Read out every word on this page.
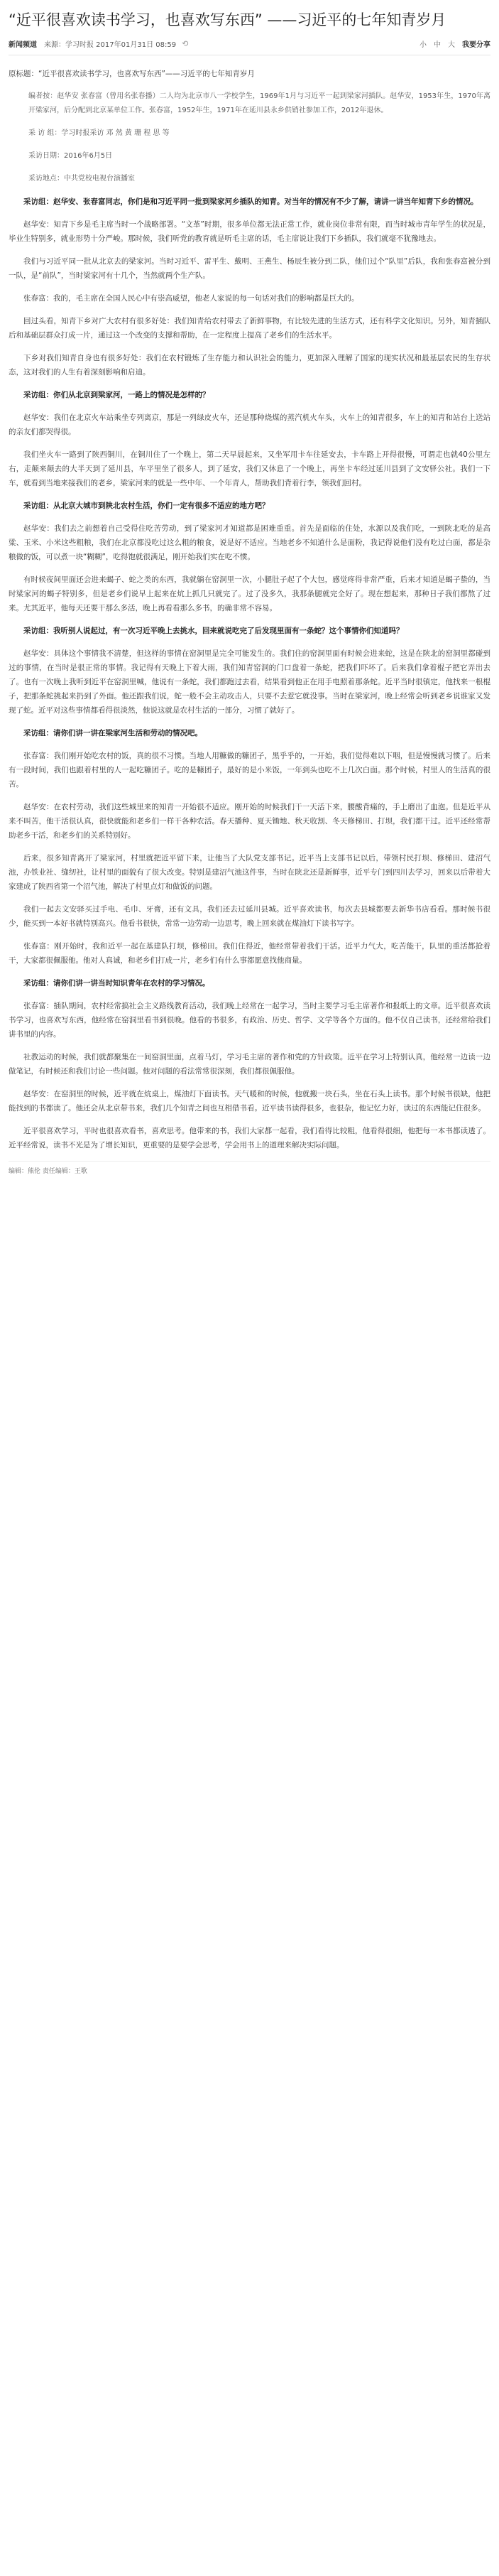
“近平很喜欢读书学习，也喜欢写东西” ——习近平的七年知青岁月
新闻频道 来源：学习时报 2017年01月31日 08:59 ⟲	小 中 大 我要分享

原标题：“近平很喜欢读书学习，也喜欢写东西”——习近平的七年知青岁月

编者按：赵华安 张春富（曾用名张春播）二人均为北京市八一学校学生，1969年1月与习近平一起到梁家河插队。赵华安，1953年生，1970年离开梁家河，后分配到北京某单位工作。张春富，1952年生，1971年在延川县永乡供销社参加工作，2012年退休。

采 访 组：学习时报采访 邓 然 黄 珊 程 思 等

采访日期：2016年6月5日

采访地点：中共党校电视台演播室

采访组：赵华安、张春富同志，你们是和习近平同一批到梁家河乡插队的知青。对当年的情况有不少了解，请讲一讲当年知青下乡的情况。

赵华安：知青下乡是毛主席当时一个战略部署。“文革”时期，很多单位都无法正常工作，就业岗位非常有限，而当时城市青年学生的状况是，毕业生特别多，就业形势十分严峻。那时候，我们听党的教育就是听毛主席的话，毛主席说让我们下乡插队，我们就毫不犹豫地去。

我们与习近平同一批从北京去的梁家河。当时习近平、雷平生、戴明、王燕生、杨辰生被分到二队，他们过个“队里”后队，我和张春富被分到一队，是“前队”，当时梁家河有十几个，当然就两个生产队。

张春富：我的，毛主席在全国人民心中有崇高威望，他老人家说的每一句话对我们的影响都是巨大的。

回过头看，知青下乡对广大农村有很多好处：我们知青给农村带去了新鲜事物，有比较先进的生活方式，还有科学文化知识。另外，知青插队后和基础层群众打成一片，通过这一个改变的支撑和帮助，在一定程度上提高了老乡们的生活水平。

下乡对我们知青自身也有很多好处：我们在农村锻炼了生存能力和认识社会的能力，更加深入理解了国家的现实状况和最基层农民的生存状态，这对我们的人生有着深刻影响和启迪。

采访组：你们从北京到梁家河，一路上的情况是怎样的？

赵华安：我们在北京火车站乘坐专列离京，那是一列绿皮火车，还是那种烧煤的蒸汽机火车头，火车上的知青很多，车上的知青和站台上送站的亲友们都哭得很。

我们坐火车一路到了陕西铜川，在铜川住了一个晚上，第二天早晨起来，又坐军用卡车往延安去，卡车路上开得很慢，可谓走也就40公里左右，走颠来颠去的大半天到了延川县，车平里坐了很多人，到了延安，我们又休息了一个晚上，再坐卡车经过延川县到了文安驿公社。我们一下车，就看到当地来接我们的老乡，梁家河来的就是一些中年、一个年青人，帮助我们背着行李，领我们回村。

采访组：从北京大城市到陕北农村生活，你们一定有很多不适应的地方吧？

赵华安：我们去之前想着自己受得住吃苦劳动，到了梁家河才知道都是困难重重。首先是面临的住处，水源以及我们吃，一到陕北吃的是高粱、玉米、小米这些粗粮，我们在北京都没吃过这么粗的粮食，说是好不适应。当地老乡不知道什么是面粉，我记得说他们没有吃过白面，都是杂粮做的饭，可以煮一块“糊糊”，吃得饱就很满足，刚开始我们实在吃不惯。

有时候夜间里面还会进来蝎子、蛇之类的东西，我就躺在窑洞里一次，小腿肚子起了个大包，感觉疼得非常严重，后来才知道是蝎子蛰的，当时梁家河的蝎子特别多，但是老乡们说早上起来在炕上抓几只就完了。过了没多久，我那条腿就完全好了。现在想起来，那种日子我们都熬了过来。尤其近平，他每天还要干那么多活，晚上再看看那么多书，的确非常不容易。

采访组：我听别人说起过，有一次习近平晚上去挑水，回来就说吃完了后发现里面有一条蛇？这个事情你们知道吗？

赵华安：具体这个事情我不清楚，但这样的事情在窑洞里是完全可能发生的。我们住的窑洞里面有时候会进来蛇，这是在陕北的窑洞里都碰到过的事情，在当时是很正常的事情。我记得有天晚上下着大雨，我们知青窑洞的门口盘着一条蛇，把我们吓坏了。后来我们拿着棍子把它弄出去了。也有一次晚上我听到近平在窑洞里喊，他说有一条蛇，我们都跑过去看，结果看到他正在用手电照着那条蛇。近平当时很镇定，他找来一根棍子，把那条蛇挑起来扔到了外面。他还跟我们说，蛇一般不会主动攻击人，只要不去惹它就没事。当时在梁家河，晚上经常会听到老乡说谁家又发现了蛇。近平对这些事情都看得很淡然，他说这就是农村生活的一部分，习惯了就好了。

采访组：请你们讲一讲在梁家河生活和劳动的情况吧。

张春富：我们刚开始吃农村的饭，真的很不习惯。当地人用糠做的糠团子，黑乎乎的，一开始，我们觉得难以下咽，但是慢慢就习惯了。后来有一段时间，我们也跟着村里的人一起吃糠团子。吃的是糠团子，最好的是小米饭，一年到头也吃不上几次白面。那个时候，村里人的生活真的很苦。

赵华安：在农村劳动，我们这些城里来的知青一开始很不适应。刚开始的时候我们干一天活下来，腰酸背痛的，手上磨出了血泡。但是近平从来不叫苦，他干活很认真，很快就能和老乡们一样干各种农活。春天播种、夏天锄地、秋天收割、冬天修梯田、打坝，我们都干过。近平还经常帮助老乡干活，和老乡们的关系特别好。

后来，很多知青离开了梁家河，村里就把近平留下来，让他当了大队党支部书记。近平当上支部书记以后，带领村民打坝、修梯田、建沼气池，办铁业社、缝纫社，让村里的面貌有了很大改变。特别是建沼气池这件事，当时在陕北还是新鲜事，近平专门到四川去学习，回来以后带着大家建成了陕西省第一个沼气池，解决了村里点灯和做饭的问题。

我们一起去文安驿买过手电、毛巾、牙膏，还有文具，我们还去过延川县城。近平喜欢读书，每次去县城都要去新华书店看看。那时候书很少，能买到一本好书就特别高兴。他看书很快，常常一边劳动一边思考，晚上回来就在煤油灯下读书写字。

张春富：刚开始时，我和近平一起在基建队打坝，修梯田。我们住得近，他经常带着我们干活。近平力气大，吃苦能干，队里的重活都抢着干，大家都很佩服他。他对人真诚，和老乡们打成一片，老乡们有什么事都愿意找他商量。

采访组：请你们讲一讲当时知识青年在农村的学习情况。

张春富：插队期间，农村经常搞社会主义路线教育活动，我们晚上经常在一起学习，当时主要学习毛主席著作和报纸上的文章。近平很喜欢读书学习，也喜欢写东西，他经常在窑洞里看书到很晚。他看的书很多，有政治、历史、哲学、文学等各个方面的。他不仅自己读书，还经常给我们讲书里的内容。

社教运动的时候，我们就都聚集在一间窑洞里面，点着马灯，学习毛主席的著作和党的方针政策。近平在学习上特别认真，他经常一边读一边做笔记，有时候还和我们讨论一些问题。他对问题的看法常常很深刻，我们都很佩服他。

赵华安：在窑洞里的时候，近平就在炕桌上，煤油灯下面读书。天气暖和的时候，他就搬一块石头，坐在石头上读书。那个时候书很缺，他把能找到的书都读了。他还会从北京带书来，我们几个知青之间也互相借书看。近平读书读得很多，也很杂，他记忆力好，读过的东西能记住很多。

近平很喜欢学习，平时也很喜欢看书，喜欢思考。他带来的书，我们大家都一起看，我们看得比较粗，他看得很细，他把每一本书都读透了。近平经常说，读书不光是为了增长知识，更重要的是要学会思考，学会用书上的道理来解决实际问题。

编辑：熊伦 责任编辑：王歌
